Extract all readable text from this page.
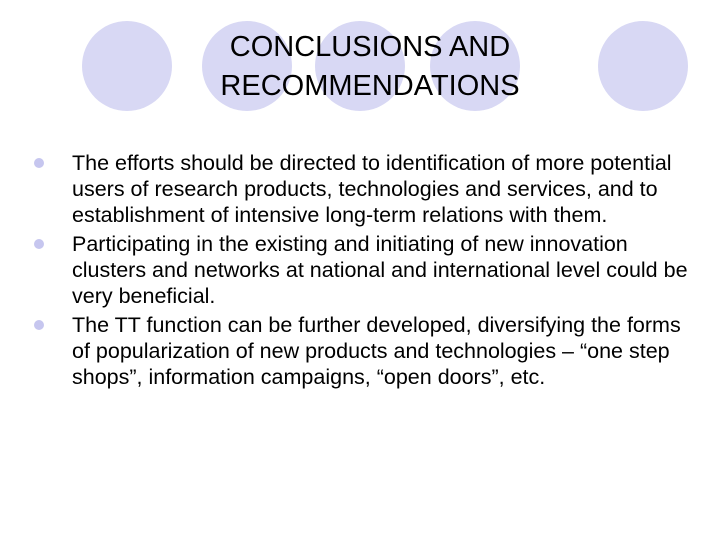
CONCLUSIONS AND
RECOMMENDATIONS
The efforts should be directed to identification of more potential users of research products, technologies and services, and to establishment of intensive long-term relations with them.
Participating in the existing and initiating of new innovation clusters and networks at national and international level could be very beneficial.
The TT function can be further developed, diversifying the forms of popularization of new products and technologies – “one step shops”, information campaigns, “open doors”, etc.
